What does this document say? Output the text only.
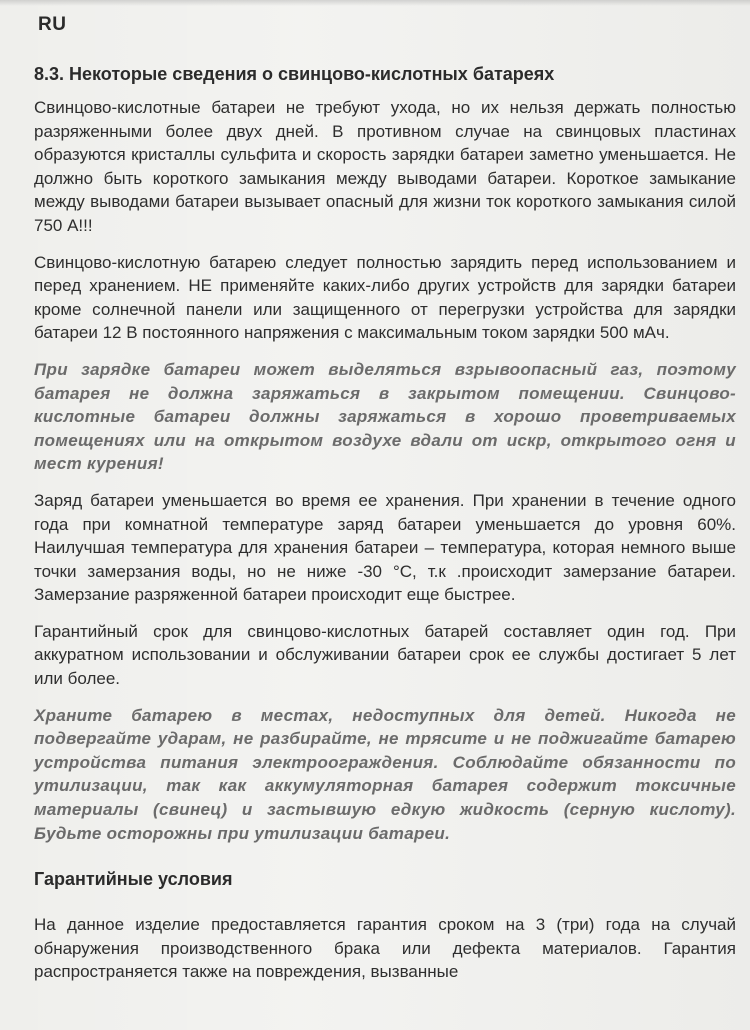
RU
8.3. Некоторые сведения о свинцово-кислотных батареях

Свинцово-кислотные батареи не требуют ухода, но их нельзя держать полностью разряженными более двух дней. В противном случае на свинцовых пластинах образуются кристаллы сульфита и скорость зарядки батареи заметно уменьшается. Не должно быть короткого замыкания между выводами батареи. Короткое замыкание между выводами батареи вызывает опасный для жизни ток короткого замыкания силой 750 А!!!

Свинцово-кислотную батарею следует полностью зарядить перед использованием и перед хранением. НЕ применяйте каких-либо других устройств для зарядки батареи кроме солнечной панели или защищенного от перегрузки устройства для зарядки батареи 12 В постоянного напряжения с максимальным током зарядки 500 мАч.

При зарядке батареи может выделяться взрывоопасный газ, поэтому батарея не должна заряжаться в закрытом помещении. Свинцово-кислотные батареи должны заряжаться в хорошо проветриваемых помещениях или на открытом воздухе вдали от искр, открытого огня и мест курения!

Заряд батареи уменьшается во время ее хранения. При хранении в течение одного года при комнатной температуре заряд батареи уменьшается до уровня 60%. Наилучшая температура для хранения батареи – температура, которая немного выше точки замерзания воды, но не ниже -30 °C, т.к .происходит замерзание батареи. Замерзание разряженной батареи происходит еще быстрее.

Гарантийный срок для свинцово-кислотных батарей составляет один год. При аккуратном использовании и обслуживании батареи срок ее службы достигает 5 лет или более.

Храните батарею в местах, недоступных для детей. Никогда не подвергайте ударам, не разбирайте, не трясите и не поджигайте батарею устройства питания электроограждения. Соблюдайте обязанности по утилизации, так как аккумуляторная батарея содержит токсичные материалы (свинец) и застывшую едкую жидкость (серную кислоту). Будьте осторожны при утилизации батареи.

Гарантийные условия

На данное изделие предоставляется гарантия сроком на 3 (три) года на случай обнаружения производственного брака или дефекта материалов. Гарантия распространяется также на повреждения, вызванные
